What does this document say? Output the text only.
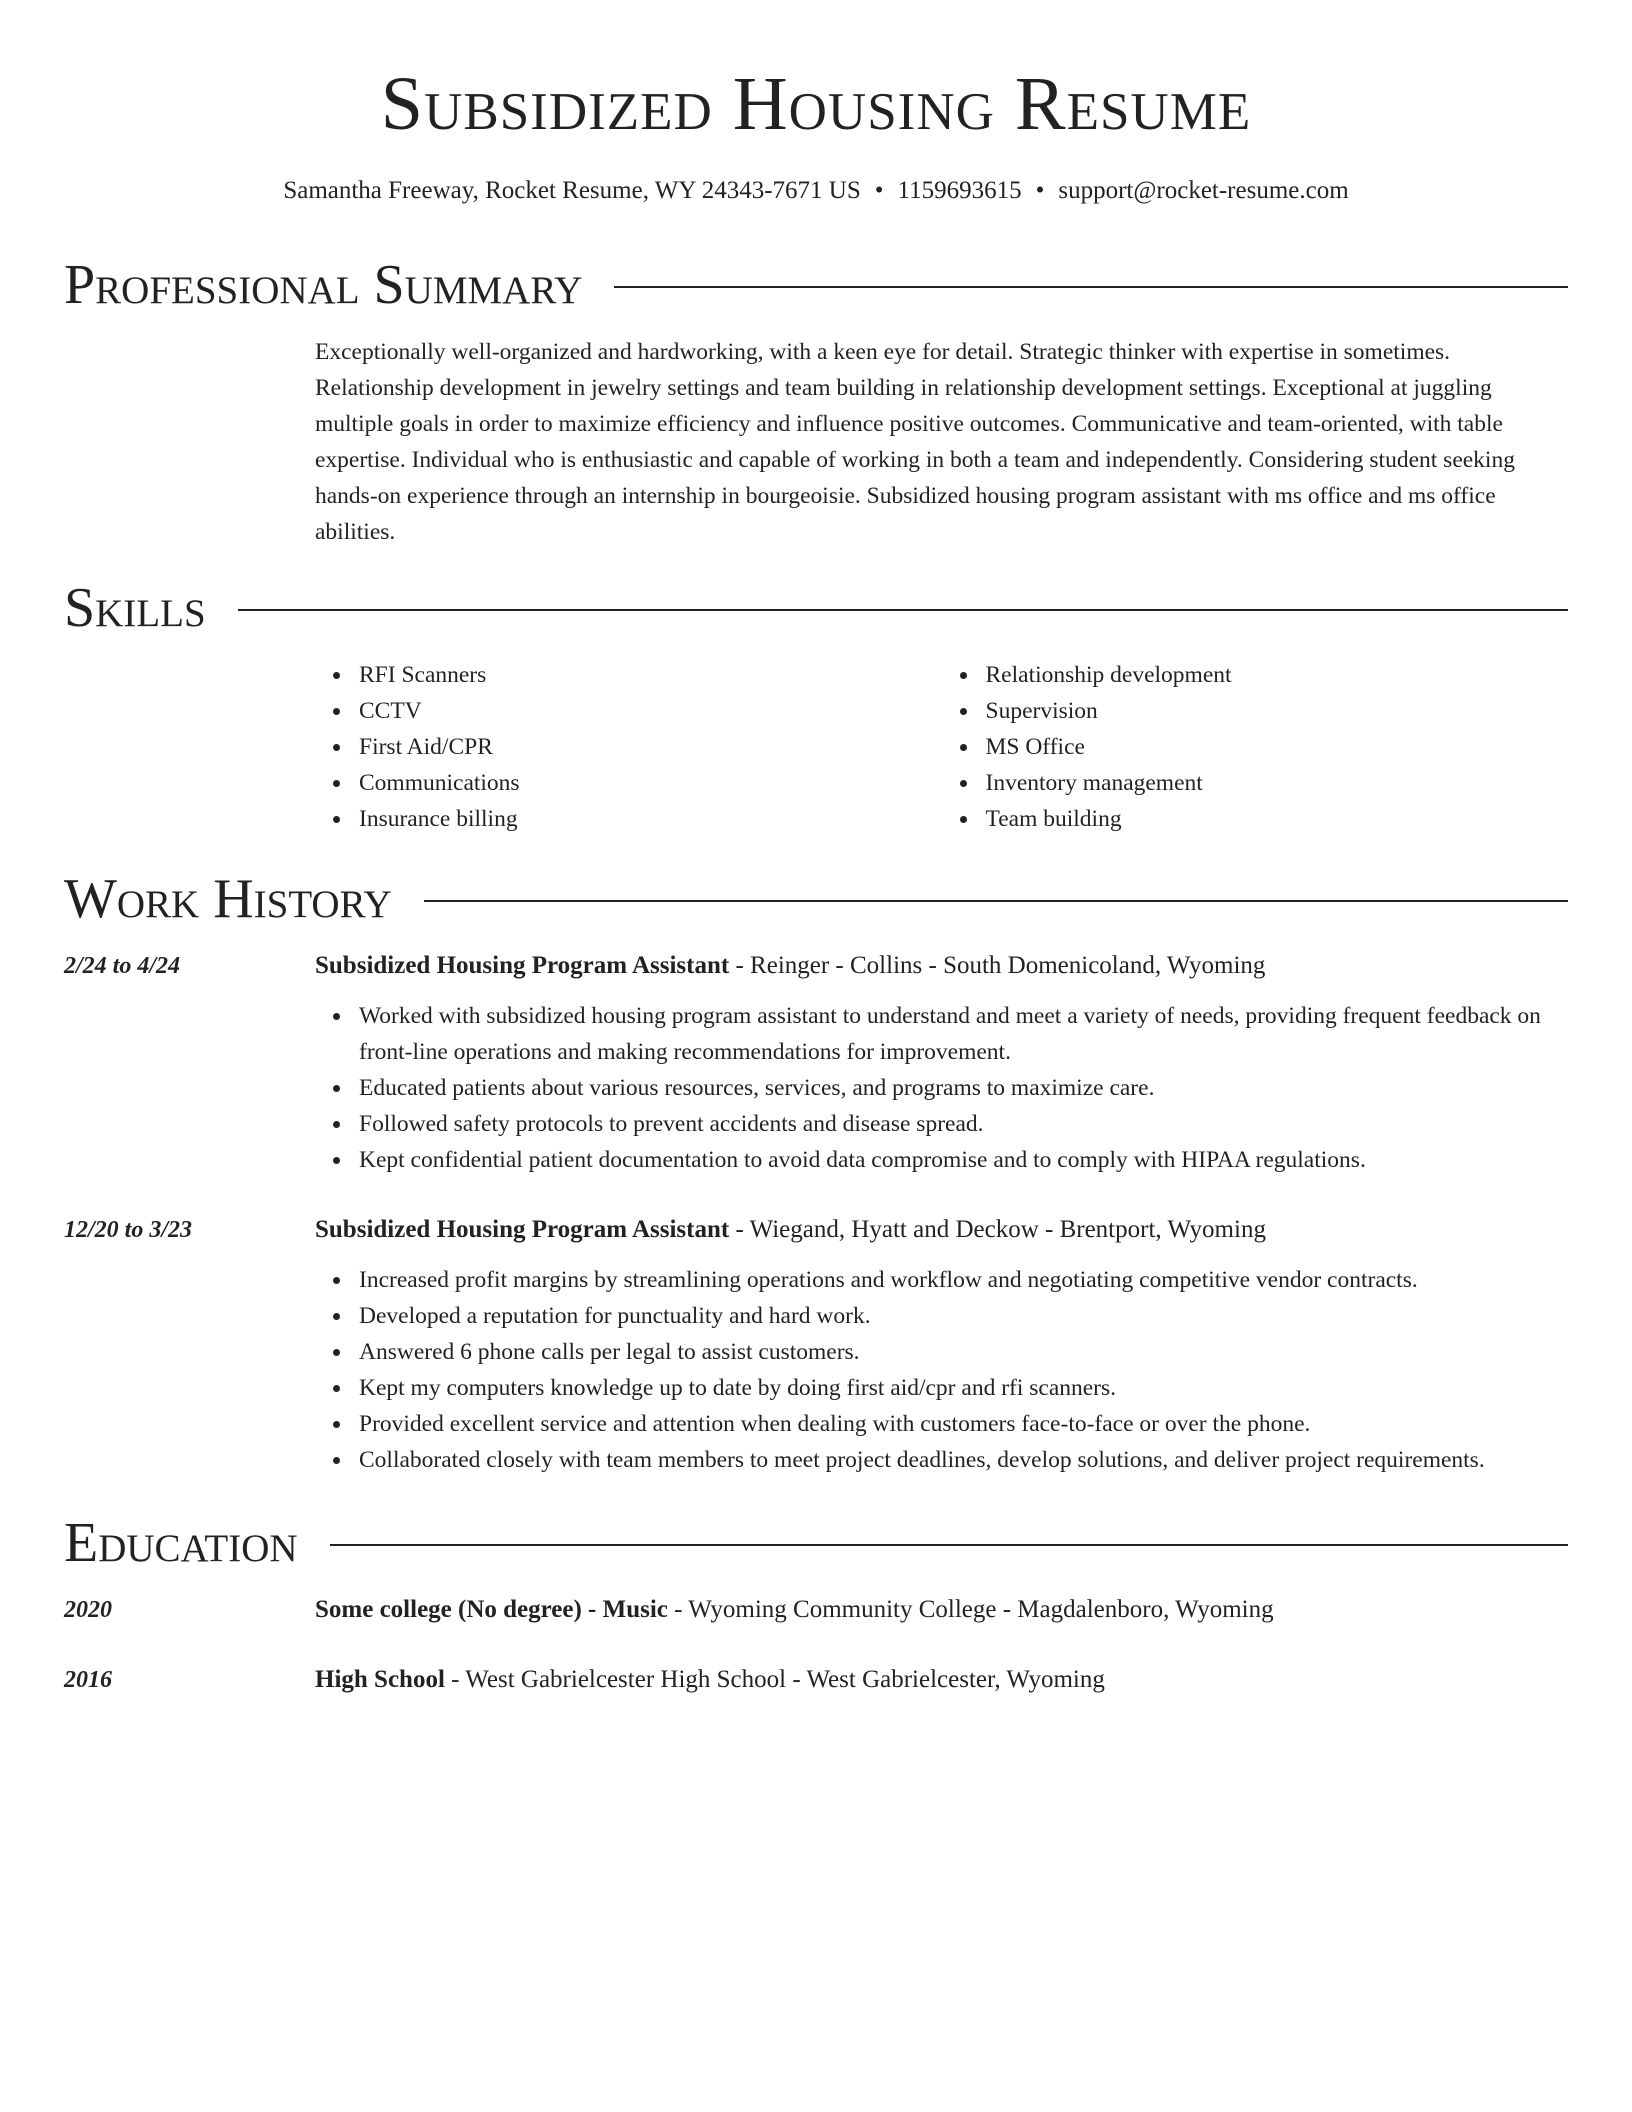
Subsidized Housing Resume
Samantha Freeway, Rocket Resume, WY 24343-7671 US • 1159693615 • support@rocket-resume.com
Professional Summary

Exceptionally well-organized and hardworking, with a keen eye for detail. Strategic thinker with expertise in sometimes. Relationship development in jewelry settings and team building in relationship development settings. Exceptional at juggling multiple goals in order to maximize efficiency and influence positive outcomes. Communicative and team-oriented, with table expertise. Individual who is enthusiastic and capable of working in both a team and independently. Considering student seeking hands-on experience through an internship in bourgeoisie. Subsidized housing program assistant with ms office and ms office abilities.

Skills
RFI Scanners
CCTV
First Aid/CPR
Communications
Insurance billing
Relationship development
Supervision
MS Office
Inventory management
Team building
Work History
2/24 to 4/24	Subsidized Housing Program Assistant - Reinger - Collins - South Domenicoland, Wyoming
Worked with subsidized housing program assistant to understand and meet a variety of needs, providing frequent feedback on front-line operations and making recommendations for improvement.
Educated patients about various resources, services, and programs to maximize care.
Followed safety protocols to prevent accidents and disease spread.
Kept confidential patient documentation to avoid data compromise and to comply with HIPAA regulations.
12/20 to 3/23	Subsidized Housing Program Assistant - Wiegand, Hyatt and Deckow - Brentport, Wyoming
Increased profit margins by streamlining operations and workflow and negotiating competitive vendor contracts.
Developed a reputation for punctuality and hard work.
Answered 6 phone calls per legal to assist customers.
Kept my computers knowledge up to date by doing first aid/cpr and rfi scanners.
Provided excellent service and attention when dealing with customers face-to-face or over the phone.
Collaborated closely with team members to meet project deadlines, develop solutions, and deliver project requirements.
Education
2020	Some college (No degree) - Music - Wyoming Community College - Magdalenboro, Wyoming
2016	High School - West Gabrielcester High School - West Gabrielcester, Wyoming
